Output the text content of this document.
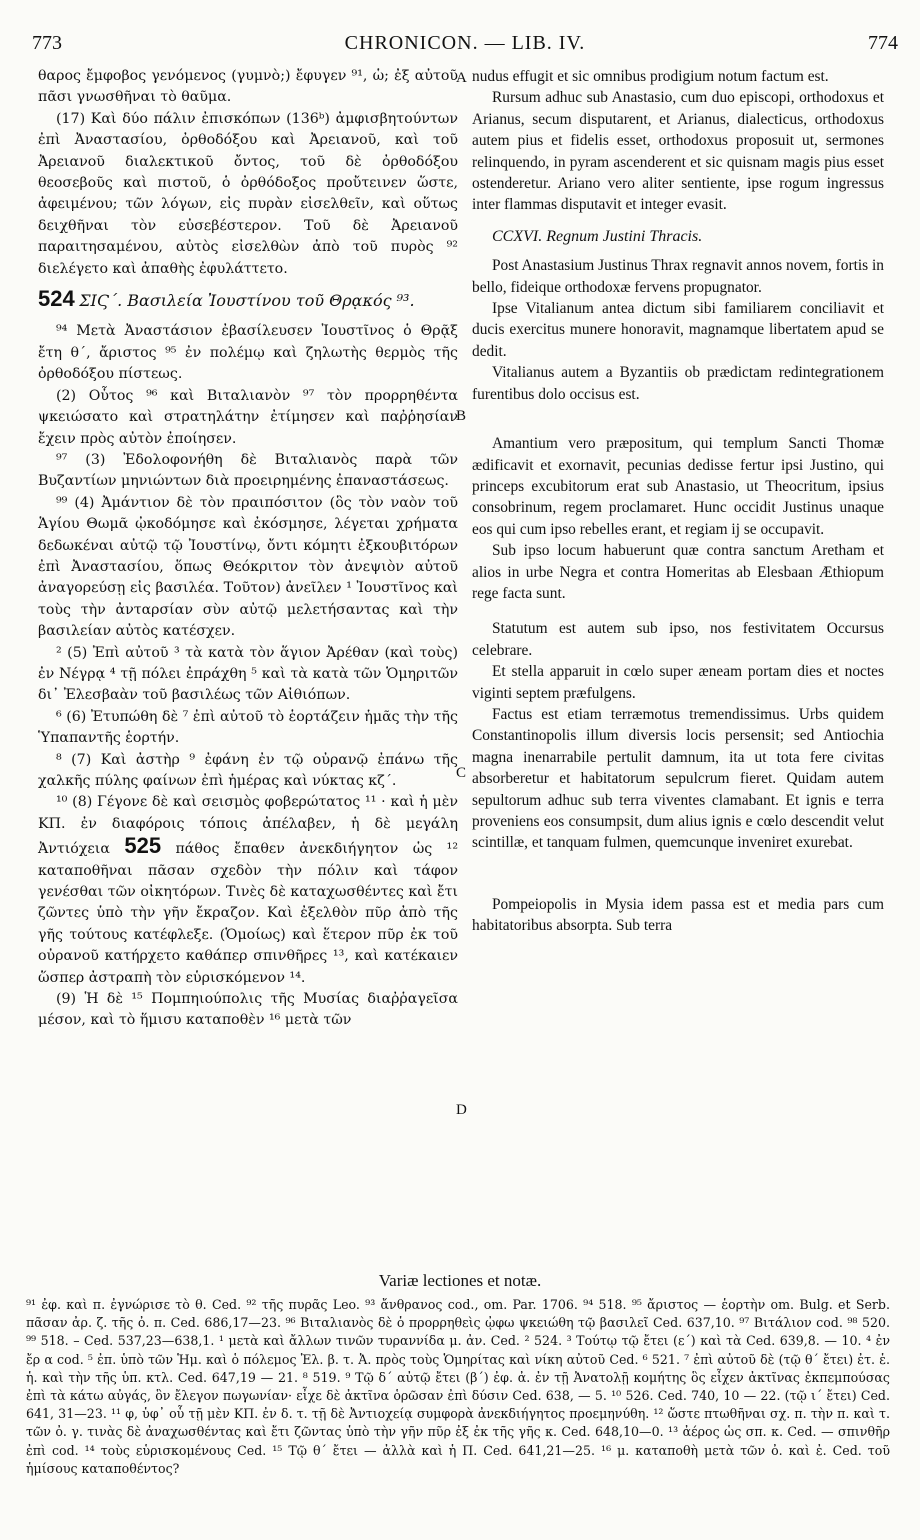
773	CHRONICON. — LIB. IV.	774

θαρος ἔμφοβος γενόμενος (γυμνὸ;) ἔφυγεν ⁹¹, ὡ; ἐξ αὐτοῦ πᾶσι γνωσθῆναι τὸ θαῦμα.

(17) Καὶ δύο πάλιν ἐπισκόπων (136ᵇ) ἀμφισβητούντων ἐπὶ Ἀναστασίου, ὀρθοδόξου καὶ Ἀρειανοῦ, καὶ τοῦ Ἀρειανοῦ διαλεκτικοῦ ὄντος, τοῦ δὲ ὀρθοδόξου θεοσεβοῦς καὶ πιστοῦ, ὁ ὀρθόδοξος προὔτεινεν ὥστε, ἀφειμένου; τῶν λόγων, εἰς πυρὰν εἰσελθεῖν, καὶ οὕτως δειχθῆναι τὸν εὐσεβέστερον. Τοῦ δὲ Ἀρειανοῦ παραιτησαμένου, αὐτὸς εἰσελθὼν ἀπὸ τοῦ πυρὸς ⁹² διελέγετο καὶ ἀπαθὴς ἐφυλάττετο.

524 ΣΙϚ΄. Βασιλεία Ἰουστίνου τοῦ Θρᾳκός ⁹³.

⁹⁴ Μετὰ Ἀναστάσιον ἐβασίλευσεν Ἰουστῖνος ὁ Θρᾷξ ἔτη θ΄, ἄριστος ⁹⁵ ἐν πολέμῳ καὶ ζηλωτὴς θερμὸς τῆς ὀρθοδόξου πίστεως.

(2) Οὗτος ⁹⁶ καὶ Βιταλιανὸν ⁹⁷ τὸν προρρηθέντα ψκειώσατο καὶ στρατηλάτην ἐτίμησεν καὶ παῤῥησίαν ἔχειν πρὸς αὐτὸν ἐποίησεν.

⁹⁷ (3) Ἐδολοφονήθη δὲ Βιταλιανὸς παρὰ τῶν Βυζαντίων μηνιώντων διὰ προειρημένης ἐπαναστάσεως.

⁹⁹ (4) Ἀμάντιον δὲ τὸν πραιπόσιτον (ὃς τὸν ναὸν τοῦ Ἁγίου Θωμᾶ ᾠκοδόμησε καὶ ἐκόσμησε, λέγεται χρήματα δεδωκέναι αὐτῷ τῷ Ἰουστίνῳ, ὄντι κόμητι ἐξκουβιτόρων ἐπὶ Ἀναστασίου, ὅπως Θεόκριτον τὸν ἀνεψιὸν αὐτοῦ ἀναγορεύσῃ εἰς βασιλέα. Τοῦτον) ἀνεῖλεν ¹ Ἰουστῖνος καὶ τοὺς τὴν ἀνταρσίαν σὺν αὐτῷ μελετήσαντας καὶ τὴν βασιλείαν αὐτὸς κατέσχεν.

² (5) Ἐπὶ αὐτοῦ ³ τὰ κατὰ τὸν ἅγιον Ἀρέθαν (καὶ τοὺς) ἐν Νέγρᾳ ⁴ τῇ πόλει ἐπράχθη ⁵ καὶ τὰ κατὰ τῶν Ὁμηριτῶν δι᾽ Ἐλεσβαὰν τοῦ βασιλέως τῶν Αἰθιόπων.

⁶ (6) Ἐτυπώθη δὲ ⁷ ἐπὶ αὐτοῦ τὸ ἑορτάζειν ἡμᾶς τὴν τῆς Ὑπαπαντῆς ἑορτήν.

⁸ (7) Καὶ ἀστὴρ ⁹ ἐφάνη ἐν τῷ οὐρανῷ ἐπάνω τῆς χαλκῆς πύλης φαίνων ἐπὶ ἡμέρας καὶ νύκτας κζ΄.

¹⁰ (8) Γέγονε δὲ καὶ σεισμὸς φοβερώτατος ¹¹ · καὶ ἡ μὲν ΚΠ. ἐν διαφόροις τόποις ἀπέλαβεν, ἡ δὲ μεγάλη Ἀντιόχεια 525 πάθος ἔπαθεν ἀνεκδιήγητον ὡς ¹² καταποθῆναι πᾶσαν σχεδὸν τὴν πόλιν καὶ τάφον γενέσθαι τῶν οἰκητόρων. Τινὲς δὲ καταχωσθέντες καὶ ἔτι ζῶντες ὑπὸ τὴν γῆν ἔκραζον. Καὶ ἐξελθὸν πῦρ ἀπὸ τῆς γῆς τούτους κατέφλεξε. (Ὁμοίως) καὶ ἕτερον πῦρ ἐκ τοῦ οὐρανοῦ κατήρχετο καθάπερ σπινθῆρες ¹³, καὶ κατέκαιεν ὥσπερ ἀστραπὴ τὸν εὑρισκόμενον ¹⁴.

(9) Ἡ δὲ ¹⁵ Πομπηιούπολις τῆς Μυσίας διαῤῥαγεῖσα μέσον, καὶ τὸ ἥμισυ καταποθὲν ¹⁶ μετὰ τῶν

nudus effugit et sic omnibus prodigium notum factum est.

Rursum adhuc sub Anastasio, cum duo episcopi, orthodoxus et Arianus, secum disputarent, et Arianus, dialecticus, orthodoxus autem pius et fidelis esset, orthodoxus proposuit ut, sermones relinquendo, in pyram ascenderent et sic quisnam magis pius esset ostenderetur. Ariano vero aliter sentiente, ipse rogum ingressus inter flammas disputavit et integer evasit.

CCXVI. Regnum Justini Thracis.

Post Anastasium Justinus Thrax regnavit annos novem, fortis in bello, fideique orthodoxæ fervens propugnator.

Ipse Vitalianum antea dictum sibi familiarem conciliavit et ducis exercitus munere honoravit, magnamque libertatem apud se dedit.

Vitalianus autem a Byzantiis ob prædictam redintegrationem furentibus dolo occisus est.

Amantium vero præpositum, qui templum Sancti Thomæ ædificavit et exornavit, pecunias dedisse fertur ipsi Justino, qui princeps excubitorum erat sub Anastasio, ut Theocritum, ipsius consobrinum, regem proclamaret. Hunc occidit Justinus unaque eos qui cum ipso rebelles erant, et regiam ij se occupavit.

Sub ipso locum habuerunt quæ contra sanctum Aretham et alios in urbe Negra et contra Homeritas ab Elesbaan Æthiopum rege facta sunt.

Statutum est autem sub ipso, nos festivitatem Occursus celebrare.

Et stella apparuit in cœlo super æneam portam dies et noctes viginti septem præfulgens.

Factus est etiam terræmotus tremendissimus. Urbs quidem Constantinopolis illum diversis locis persensit; sed Antiochia magna inenarrabile pertulit damnum, ita ut tota fere civitas absorberetur et habitatorum sepulcrum fieret. Quidam autem sepultorum adhuc sub terra viventes clamabant. Et ignis e terra proveniens eos consumpsit, dum alius ignis e cœlo descendit velut scintillæ, et tanquam fulmen, quemcunque inveniret exurebat.

Pompeiopolis in Mysia idem passa est et media pars cum habitatoribus absorpta. Sub terra

A
B
C
D
Variæ lectiones et notæ.
⁹¹ ἐφ. καὶ π. ἐγνώρισε τὸ θ. Ced. ⁹² τῆς πυρᾶς Leo. ⁹³ ἄνθρανος cod., om. Par. 1706. ⁹⁴ 518. ⁹⁵ ἄριστος — ἑορτὴν om. Bulg. et Serb. πᾶσαν ἀρ. ζ. τῆς ὀ. π. Ced. 686,17—23. ⁹⁶ Βιταλιανὸς δὲ ὁ προρρηθεὶς ᾠφω ψκειώθη τῷ βασιλεῖ Ced. 637,10. ⁹⁷ Βιτάλιον cod. ⁹⁸ 520. ⁹⁹ 518. – Ced. 537,23—638,1. ¹ μετὰ καὶ ἄλλων τινῶν τυραννίδα μ. ἀν. Ced. ² 524. ³ Τούτῳ τῷ ἔτει (ε΄) καὶ τὰ Ced. 639,8. — 10. ⁴ ἐν ἔρ α cod. ⁵ ἐπ. ὑπὸ τῶν Ἡμ. καὶ ὁ πόλεμος Ἐλ. β. τ. Ἀ. πρὸς τοὺς Ὁμηρίτας καὶ νίκη αὐτοῦ Ced. ⁶ 521. ⁷ ἐπὶ αὐτοῦ δὲ (τῷ θ΄ ἔτει) ἐτ. ἑ. ἡ. καὶ τὴν τῆς ὑπ. κτλ. Ced. 647,19 — 21. ⁸ 519. ⁹ Τῷ δ΄ αὐτῷ ἔτει (β΄) ἐφ. ἀ. ἐν τῇ Ἀνατολῇ κομήτης ὃς εἶχεν ἀκτῖνας ἐκπεμπούσας ἐπὶ τὰ κάτω αὐγάς, ὃν ἔλεγον πωγωνίαν· εἶχε δὲ ἀκτῖνα ὁρῶσαν ἐπὶ δύσιν Ced. 638, — 5. ¹⁰ 526. Ced. 740, 10 — 22. (τῷ ι΄ ἔτει) Ced. 641, 31—23. ¹¹ φ, ὑφ᾽ οὗ τῇ μὲν ΚΠ. ἐν δ. τ. τῇ δὲ Ἀντιοχείᾳ συμφορὰ ἀνεκδιήγητος προεμηνύθη. ¹² ὥστε πτωθῆναι σχ. π. τὴν π. καὶ τ. τῶν ὀ. γ. τινὰς δὲ ἀναχωσθέντας καὶ ἔτι ζῶντας ὑπὸ τὴν γῆν πῦρ ἐξ ἐκ τῆς γῆς κ. Ced. 648,10—0. ¹³ ἀέρος ὡς σπ. κ. Ced. — σπινθῆρ ἐπὶ cod. ¹⁴ τοὺς εὑρισκομένους Ced. ¹⁵ Τῷ θ΄ ἔτει — ἀλλὰ καὶ ἡ Π. Ced. 641,21—25. ¹⁶ μ. καταποθὴ μετὰ τῶν ὀ. καὶ ἐ. Ced. τοῦ ἡμίσους καταποθέντος?
